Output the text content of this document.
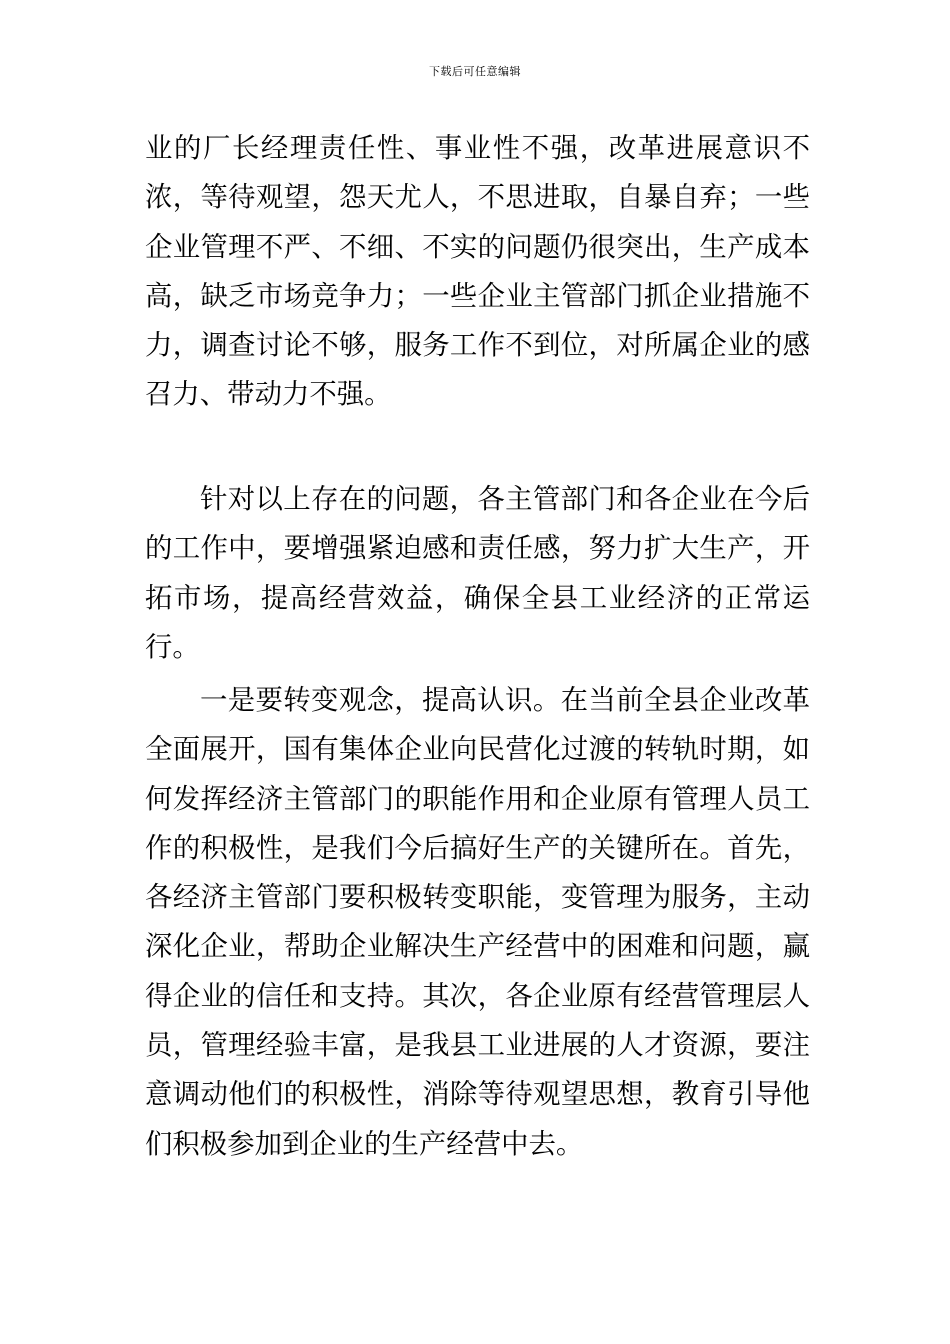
下载后可任意编辑

业的厂长经理责任性、事业性不强，改革进展意识不浓，等待观望，怨天尤人，不思进取，自暴自弃；一些企业管理不严、不细、不实的问题仍很突出，生产成本高，缺乏市场竞争力；一些企业主管部门抓企业措施不力，调查讨论不够，服务工作不到位，对所属企业的感召力、带动力不强。

针对以上存在的问题，各主管部门和各企业在今后的工作中，要增强紧迫感和责任感，努力扩大生产，开拓市场，提高经营效益，确保全县工业经济的正常运行。

一是要转变观念，提高认识。在当前全县企业改革全面展开，国有集体企业向民营化过渡的转轨时期，如何发挥经济主管部门的职能作用和企业原有管理人员工作的积极性，是我们今后搞好生产的关键所在。首先，各经济主管部门要积极转变职能，变管理为服务，主动深化企业，帮助企业解决生产经营中的困难和问题，赢得企业的信任和支持。其次，各企业原有经营管理层人员，管理经验丰富，是我县工业进展的人才资源，要注意调动他们的积极性，消除等待观望思想，教育引导他们积极参加到企业的生产经营中去。
